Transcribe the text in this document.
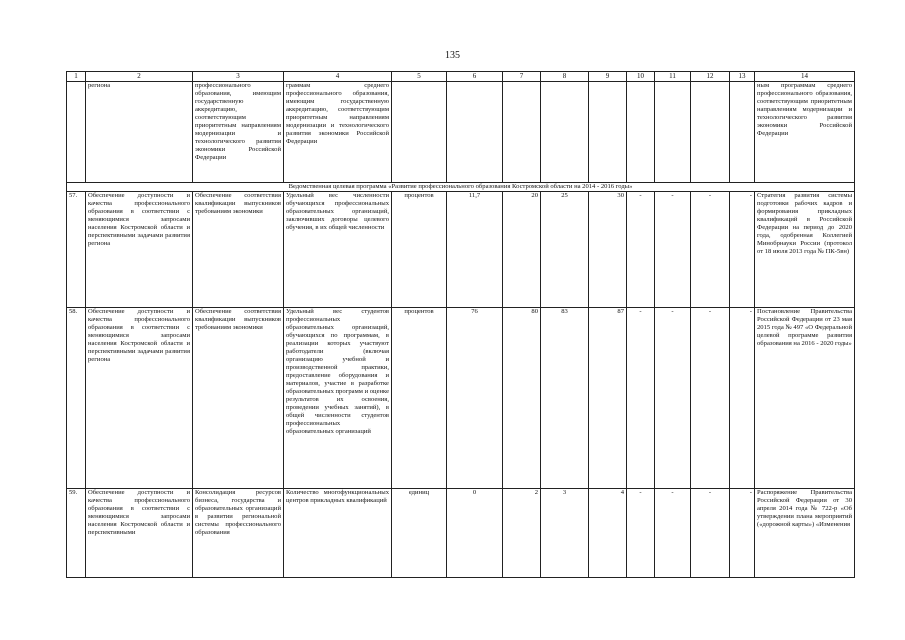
135
1	2	3	4	5	6	7	8	9	10	11	12	13	14
	региона	профессионального образования, имеющим государственную аккредитацию, соответствующим приоритетным направлениям модернизации и технологического развития экономики Российской Федерации	граммам среднего профессионального образования, имеющим государственную аккредитацию, соответствующим приоритетным направлениям модернизации и технологического развития экономики Российской Федерации										ным программам среднего профессионального образования, соответствующим приоритетным направлениям модернизации и технологического развития экономики Российской Федерации
Ведомственная целевая программа «Развитие профессионального образования Костромской области на 2014 - 2016 годы»													
57.	Обеспечение доступности и качества профессионального образования в соответствии с меняющимися запросами населения Костромской области и перспективными задачами развития региона	Обеспечение соответствия квалификации выпускников требованиям экономики	Удельный вес численности обучающихся профессиональных образовательных организаций, заключивших договоры целевого обучения, в их общей численности	процентов	11,7	20	25	30	-	-	-	-	Стратегия развития системы подготовки рабочих кадров и формирования прикладных квалификаций в Российской Федерации на период до 2020 года, одобренная Коллегией Минобрнауки России (протокол от 18 июля 2013 года № ПК-5вн)
58.	Обеспечение доступности и качества профессионального образования в соответствии с меняющимися запросами населения Костромской области и перспективными задачами развития региона	Обеспечение соответствия квалификации выпускников требованиям экономики	Удельный вес студентов профессиональных образовательных организаций, обучающихся по программам, в реализации которых участвуют работодатели (включая организацию учебной и производственной практики, предоставление оборудования и материалов, участие в разработке образовательных программ и оценке результатов их освоения, проведении учебных занятий), в общей численности студентов профессиональных образовательных организаций	процентов	76	80	83	87	-	-	-	-	Постановление Правительства Российской Федерации от 23 мая 2015 года № 497 «О Федеральной целевой программе развития образования на 2016 - 2020 годы»
59.	Обеспечение доступности и качества профессионального образования в соответствии с меняющимися запросами населения Костромской области и перспективными	Консолидация ресурсов бизнеса, государства и образовательных организаций в развитии региональной системы профессионального образования	Количество многофункциональных центров прикладных квалификаций	единиц	0	2	3	4	-	-	-	-	Распоряжение Правительства Российской Федерации от 30 апреля 2014 года № 722-р «Об утверждении плана мероприятий («дорожной карты») «Изменения
